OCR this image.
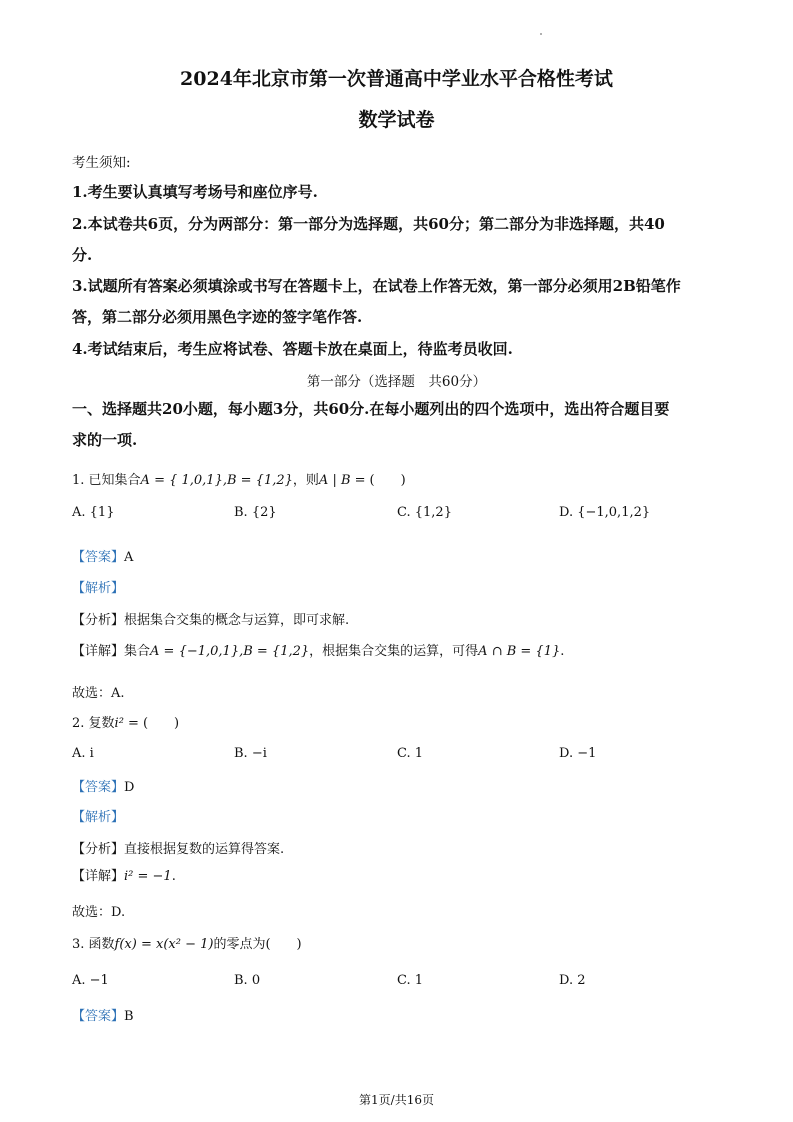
2024年北京市第一次普通高中学业水平合格性考试
数学试卷
考生须知:
1.考生要认真填写考场号和座位序号.
2.本试卷共6页，分为两部分：第一部分为选择题，共60分；第二部分为非选择题，共40
分.
3.试题所有答案必须填涂或书写在答题卡上，在试卷上作答无效，第一部分必须用2B铅笔作
答，第二部分必须用黑色字迹的签字笔作答.
4.考试结束后，考生应将试卷、答题卡放在桌面上，待监考员收回.
第一部分（选择题　共60分）
一、选择题共20小题，每小题3分，共60分.在每小题列出的四个选项中，选出符合题目要
求的一项.
1. 已知集合A = { 1,0,1},B = {1,2}，则A | B = (　　)
A. {1}	B. {2}	C. {1,2}	D. {−1,0,1,2}
【答案】A
【解析】
【分析】根据集合交集的概念与运算，即可求解.
【详解】集合A = {−1,0,1},B = {1,2}，根据集合交集的运算，可得A ∩ B = {1}.
故选：A.
2. 复数i² = (　　)
A. i	B. −i	C. 1	D. −1
【答案】D
【解析】
【分析】直接根据复数的运算得答案.
【详解】i² = −1.
故选：D.
3. 函数f(x) = x(x² − 1)的零点为(　　)
A. −1	B. 0	C. 1	D. 2
【答案】B
第1页/共16页
